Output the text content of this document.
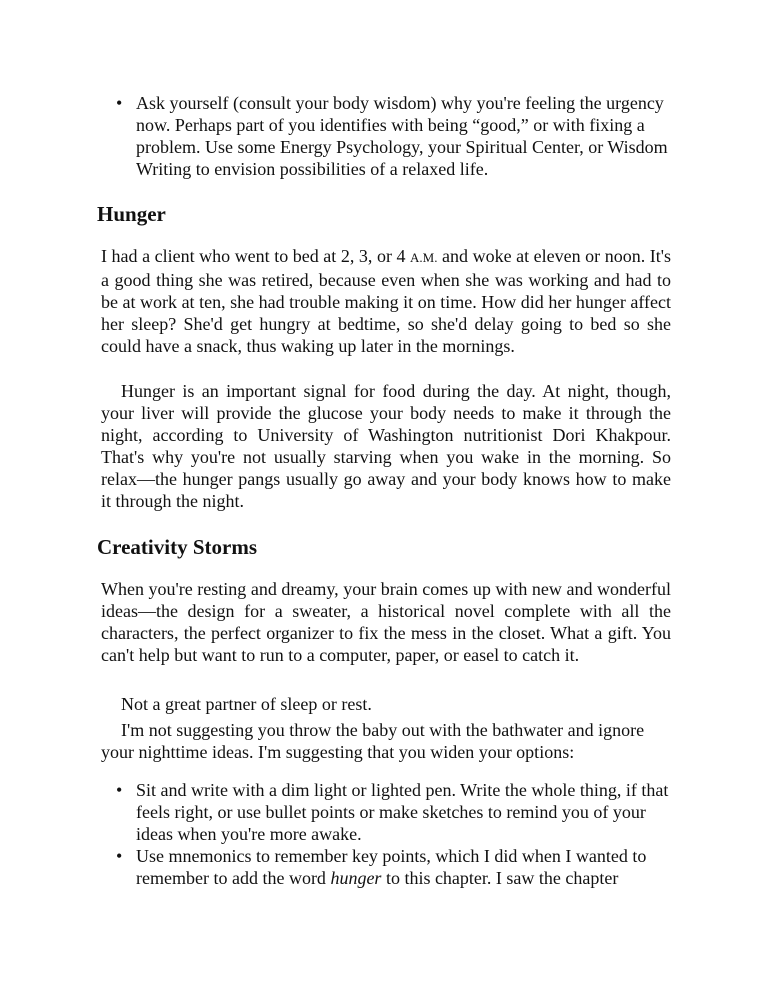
• Ask yourself (consult your body wisdom) why you're feeling the urgency now. Perhaps part of you identifies with being “good,” or with fixing a problem. Use some Energy Psychology, your Spiritual Center, or Wisdom Writing to envision possibilities of a relaxed life.
Hunger

I had a client who went to bed at 2, 3, or 4 A.M. and woke at eleven or noon. It's a good thing she was retired, because even when she was working and had to be at work at ten, she had trouble making it on time. How did her hunger affect her sleep? She'd get hungry at bedtime, so she'd delay going to bed so she could have a snack, thus waking up later in the mornings.

Hunger is an important signal for food during the day. At night, though, your liver will provide the glucose your body needs to make it through the night, according to University of Washington nutritionist Dori Khakpour. That's why you're not usually starving when you wake in the morning. So relax—the hunger pangs usually go away and your body knows how to make it through the night.

Creativity Storms

When you're resting and dreamy, your brain comes up with new and wonderful ideas—the design for a sweater, a historical novel complete with all the characters, the perfect organizer to fix the mess in the closet. What a gift. You can't help but want to run to a computer, paper, or easel to catch it.

Not a great partner of sleep or rest.

I'm not suggesting you throw the baby out with the bathwater and ignore your nighttime ideas. I'm suggesting that you widen your options:

• Sit and write with a dim light or lighted pen. Write the whole thing, if that feels right, or use bullet points or make sketches to remind you of your ideas when you're more awake.
• Use mnemonics to remember key points, which I did when I wanted to remember to add the word hunger to this chapter. I saw the chapter
